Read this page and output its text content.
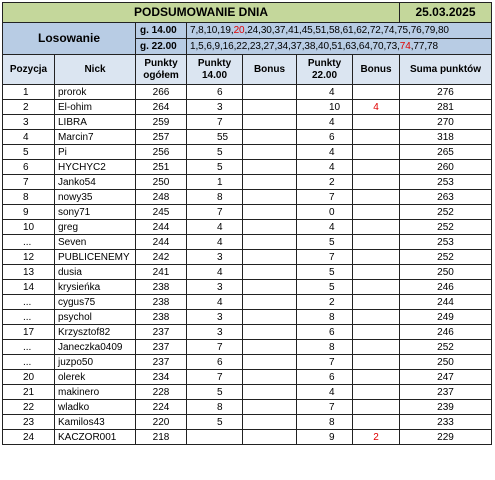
PODSUMOWANIE DNIA							25.03.2025
Losowanie		g. 14.00	7,8,10,19,20,24,30,37,41,45,51,58,61,62,72,74,75,76,79,80				
		g. 22.00	1,5,6,9,16,22,23,27,34,37,38,40,51,63,64,70,73,74,77,78				
Pozycja	Nick	Punkty ogółem	Punkty 14.00	Bonus	Punkty 22.00	Bonus	Suma punktów
1	prorok	266	6		4		276
2	El-ohim	264	3		10	4	281
3	LIBRA	259	7		4		270
4	Marcin7	257	55		6		318
5	Pi	256	5		4		265
6	HYCHYC2	251	5		4		260
7	Janko54	250	1		2		253
8	nowy35	248	8		7		263
9	sony71	245	7		0		252
10	greg	244	4		4		252
...	Seven	244	4		5		253
12	PUBLICENEMY	242	3		7		252
13	dusia	241	4		5		250
14	krysieńka	238	3		5		246
...	cygus75	238	4		2		244
...	psychol	238	3		8		249
17	Krzysztof82	237	3		6		246
...	Janeczka0409	237	7		8		252
...	juzpo50	237	6		7		250
20	olerek	234	7		6		247
21	makinero	228	5		4		237
22	wladko	224	8		7		239
23	Kamilos43	220	5		8		233
24	KACZOR001	218			9	2	229
